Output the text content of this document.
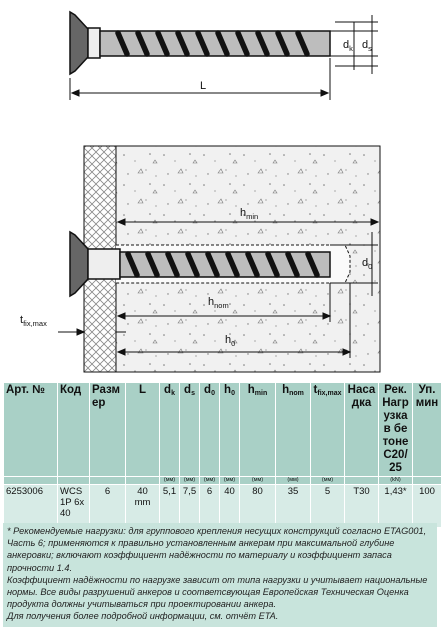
L
$d_k$ $d_s$
$h_{min}$
$d_0$
$h_{nom}$
$h_0$
$t_{fix,max}$
Арт. №	Код	Размер	L	$d_k$	$d_s$	$d_0$	$h_0$	$h_{min}$	$h_{nom}$	$t_{fix,max}$	Насадка	Рек. Нагрузка в бетоне С20/25	Уп.мин
				(мм)	(мм)	(мм)	(мм)	(мм)	(мм)	(мм)		(kN)	
6253006	WCS1P 6x40	6	40 mm	5,1	7,5	6	40	80	35	5	T30	1,43*	100

* Рекомендуемые нагрузки: для группового крепления несущих конструкций согласно ETAG001, Часть 6; применяются к правильно установленным анкерам при максимальной глубине анкеровки; включают коэффициент надёжности по материалу и коэффициент запаса прочности 1.4.

Коэффициент надёжности по нагрузке зависит от типа нагрузки и учитывает национальные нормы. Все виды разрушений анкеров и соответсвующая Европейская Техническая Оценка продукта должны учитываться при проектировании анкера.

Для получения более подробной информации, см. отчёт ETA.
